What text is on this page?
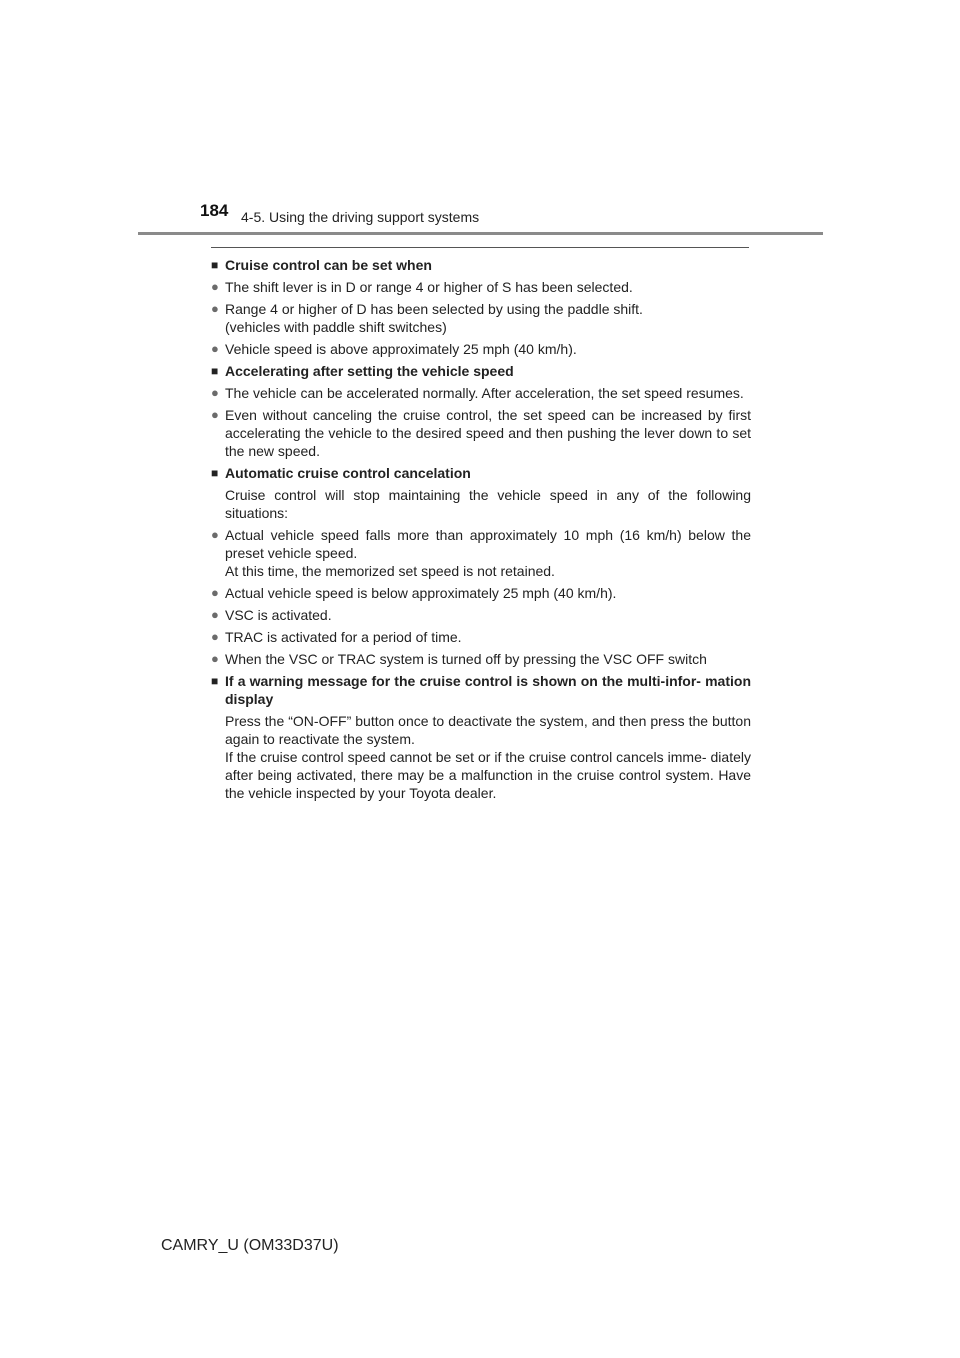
184 4-5. Using the driving support systems
■ Cruise control can be set when
● The shift lever is in D or range 4 or higher of S has been selected.
● Range 4 or higher of D has been selected by using the paddle shift.
(vehicles with paddle shift switches)
● Vehicle speed is above approximately 25 mph (40 km/h).
■ Accelerating after setting the vehicle speed
● The vehicle can be accelerated normally. After acceleration, the set speed resumes.
● Even without canceling the cruise control, the set speed can be increased by first accelerating the vehicle to the desired speed and then pushing the lever down to set the new speed.
■ Automatic cruise control cancelation
Cruise control will stop maintaining the vehicle speed in any of the following situations:
● Actual vehicle speed falls more than approximately 10 mph (16 km/h) below the preset vehicle speed.
At this time, the memorized set speed is not retained.
● Actual vehicle speed is below approximately 25 mph (40 km/h).
● VSC is activated.
● TRAC is activated for a period of time.
● When the VSC or TRAC system is turned off by pressing the VSC OFF switch
■ If a warning message for the cruise control is shown on the multi-infor- mation display
Press the “ON-OFF” button once to deactivate the system, and then press the button again to reactivate the system.
If the cruise control speed cannot be set or if the cruise control cancels imme- diately after being activated, there may be a malfunction in the cruise control system. Have the vehicle inspected by your Toyota dealer.
CAMRY_U (OM33D37U)
